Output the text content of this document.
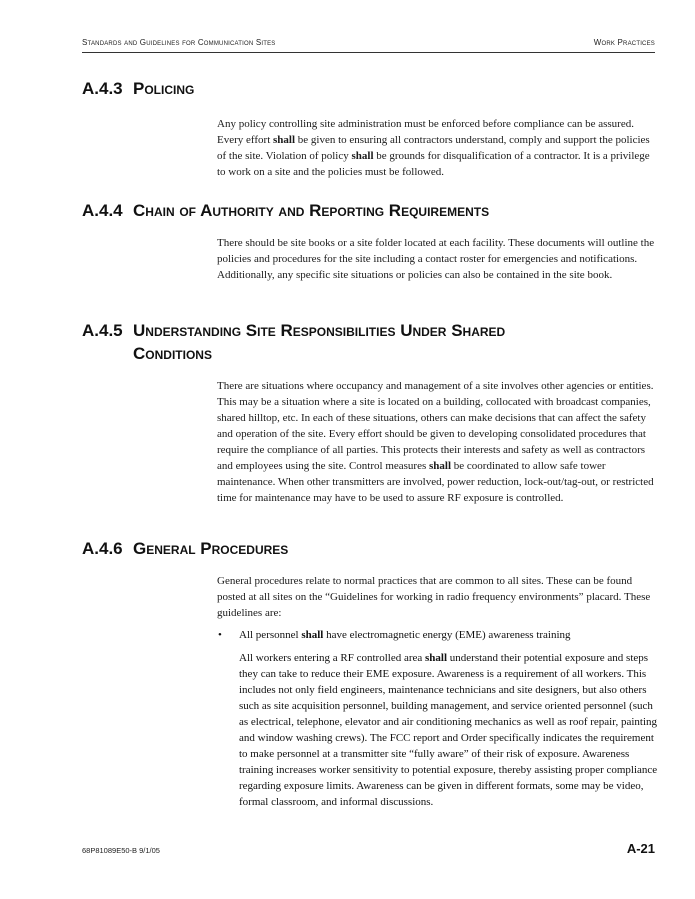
Standards and Guidelines for Communication Sites	Work Practices
A.4.3 Policing

Any policy controlling site administration must be enforced before compliance can be assured. Every effort shall be given to ensuring all contractors understand, comply and support the policies of the site. Violation of policy shall be grounds for disqualification of a contractor. It is a privilege to work on a site and the policies must be followed.

A.4.4 Chain of Authority and Reporting Requirements

There should be site books or a site folder located at each facility. These documents will outline the policies and procedures for the site including a contact roster for emergencies and notifications. Additionally, any specific site situations or policies can also be contained in the site book.

A.4.5 Understanding Site Responsibilities Under Shared
Conditions

There are situations where occupancy and management of a site involves other agencies or entities. This may be a situation where a site is located on a building, collocated with broadcast companies, shared hilltop, etc. In each of these situations, others can make decisions that can affect the safety and operation of the site. Every effort should be given to developing consolidated procedures that require the compliance of all parties. This protects their interests and safety as well as contractors and employees using the site. Control measures shall be coordinated to allow safe tower maintenance. When other transmitters are involved, power reduction, lock-out/tag-out, or restricted time for maintenance may have to be used to assure RF exposure is controlled.

A.4.6 General Procedures

General procedures relate to normal practices that are common to all sites. These can be found posted at all sites on the “Guidelines for working in radio frequency environments” placard. These guidelines are:

• All personnel shall have electromagnetic energy (EME) awareness training

All workers entering a RF controlled area shall understand their potential exposure and steps they can take to reduce their EME exposure. Awareness is a requirement of all workers. This includes not only field engineers, maintenance technicians and site designers, but also others such as site acquisition personnel, building management, and service oriented personnel (such as electrical, telephone, elevator and air conditioning mechanics as well as roof repair, painting and window washing crews). The FCC report and Order specifically indicates the requirement to make personnel at a transmitter site “fully aware” of their risk of exposure. Awareness training increases worker sensitivity to potential exposure, thereby assisting proper compliance regarding exposure limits. Awareness can be given in different formats, some may be video, formal classroom, and informal discussions.

68P81089E50-B 9/1/05	A-21
